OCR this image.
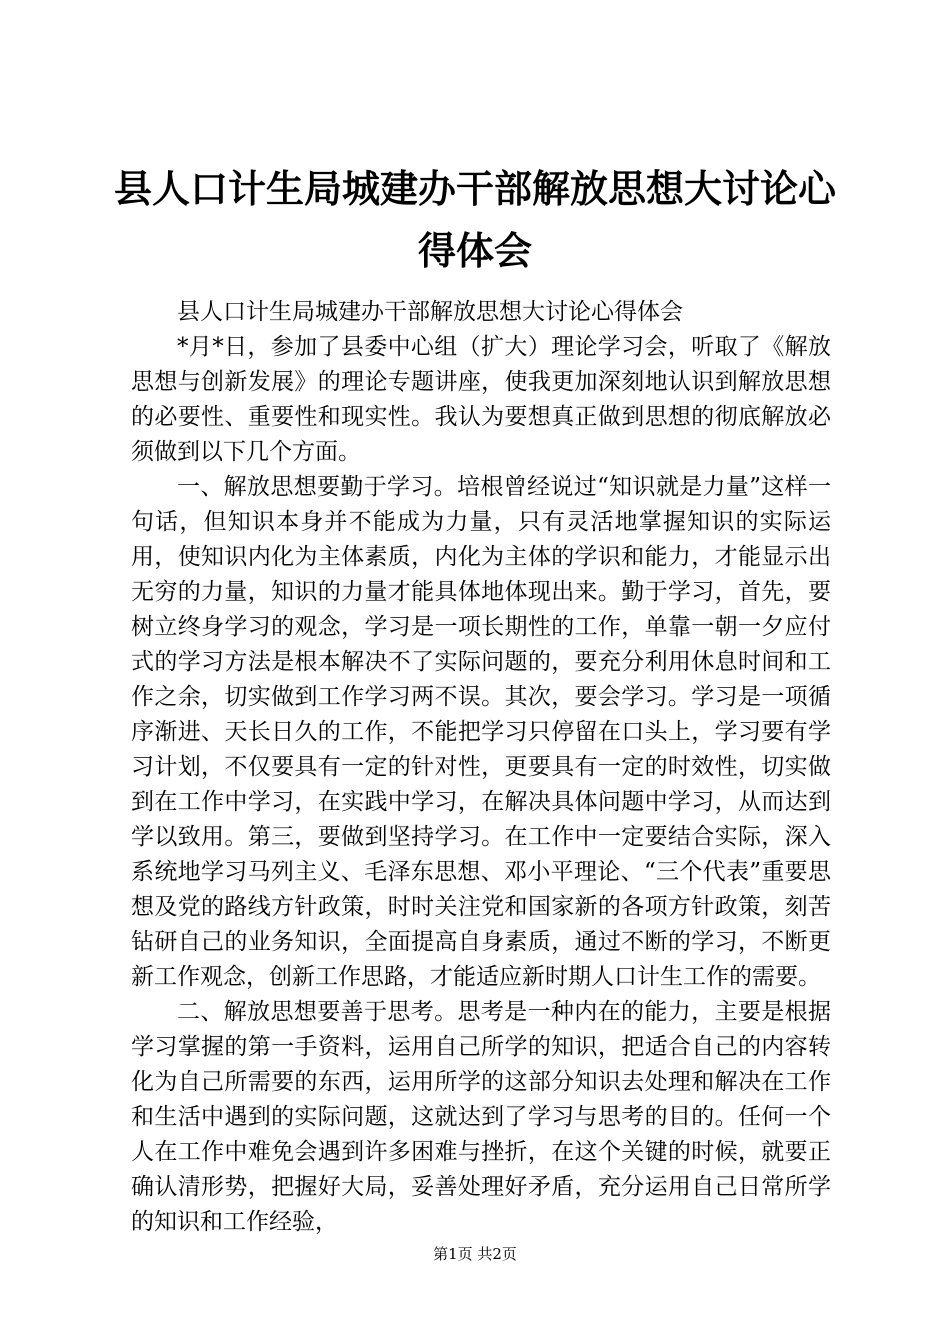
县人口计生局城建办干部解放思想大讨论心得体会

县人口计生局城建办干部解放思想大讨论心得体会

*月*日，参加了县委中心组（扩大）理论学习会，听取了《解放思想与创新发展》的理论专题讲座，使我更加深刻地认识到解放思想的必要性、重要性和现实性。我认为要想真正做到思想的彻底解放必须做到以下几个方面。

一、解放思想要勤于学习。培根曾经说过“知识就是力量”这样一句话，但知识本身并不能成为力量，只有灵活地掌握知识的实际运用，使知识内化为主体素质，内化为主体的学识和能力，才能显示出无穷的力量，知识的力量才能具体地体现出来。勤于学习，首先，要树立终身学习的观念，学习是一项长期性的工作，单靠一朝一夕应付式的学习方法是根本解决不了实际问题的，要充分利用休息时间和工作之余，切实做到工作学习两不误。其次，要会学习。学习是一项循序渐进、天长日久的工作，不能把学习只停留在口头上，学习要有学习计划，不仅要具有一定的针对性，更要具有一定的时效性，切实做到在工作中学习，在实践中学习，在解决具体问题中学习，从而达到学以致用。第三，要做到坚持学习。在工作中一定要结合实际，深入系统地学习马列主义、毛泽东思想、邓小平理论、“三个代表”重要思想及党的路线方针政策，时时关注党和国家新的各项方针政策，刻苦钻研自己的业务知识，全面提高自身素质，通过不断的学习，不断更新工作观念，创新工作思路，才能适应新时期人口计生工作的需要。

二、解放思想要善于思考。思考是一种内在的能力，主要是根据学习掌握的第一手资料，运用自己所学的知识，把适合自己的内容转化为自己所需要的东西，运用所学的这部分知识去处理和解决在工作和生活中遇到的实际问题，这就达到了学习与思考的目的。任何一个人在工作中难免会遇到许多困难与挫折，在这个关键的时候，就要正确认清形势，把握好大局，妥善处理好矛盾，充分运用自己日常所学的知识和工作经验，

第1页 共2页
